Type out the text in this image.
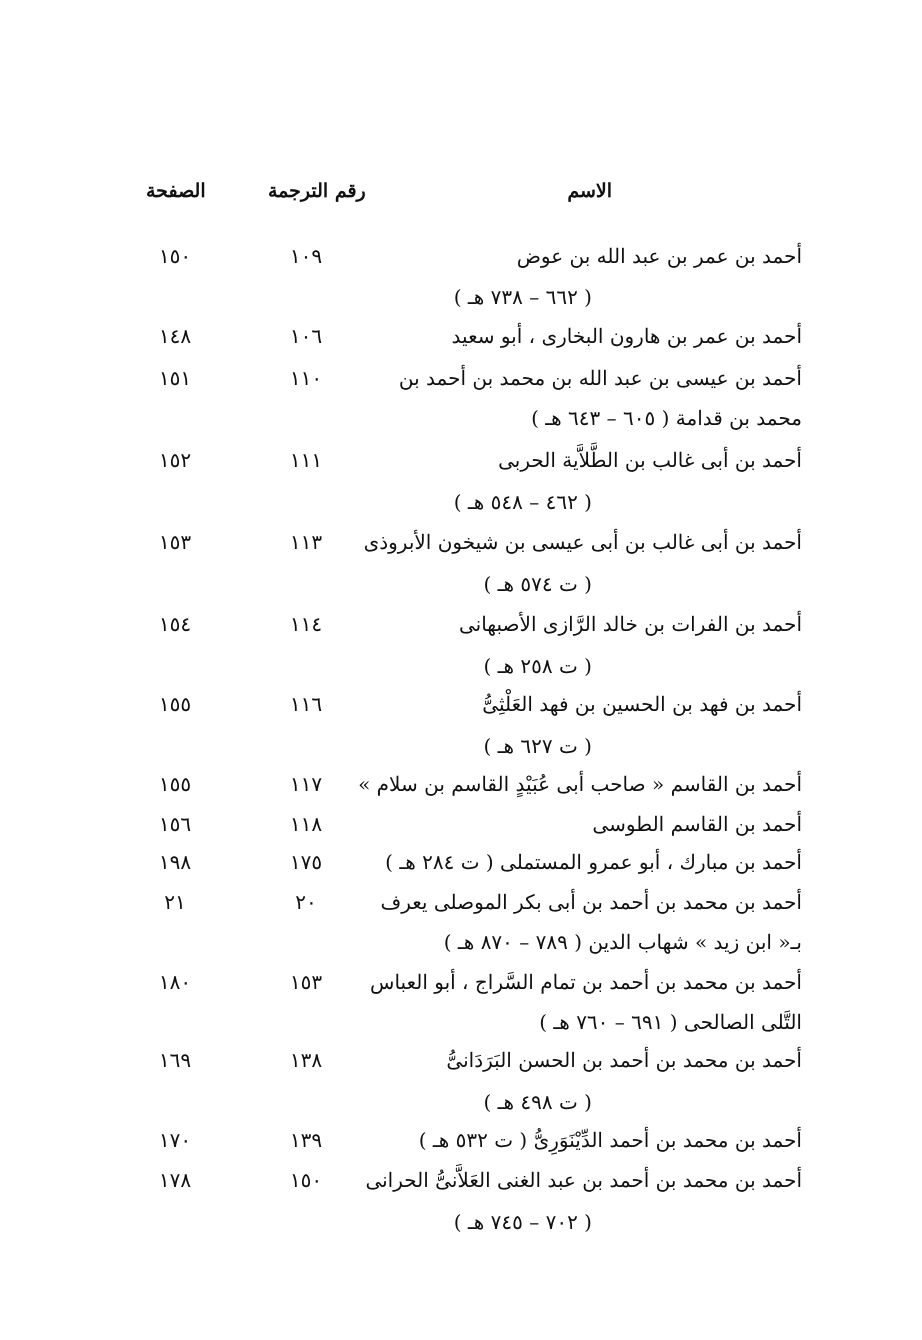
الاسم
رقم الترجمة
الصفحة
أحمد بن عمر بن عبد الله بن عوض
١٠٩
١٥٠
( ٦٦٢ – ٧٣٨ هـ )
أحمد بن عمر بن هارون البخارى ، أبو سعيد
١٠٦
١٤٨
أحمد بن عيسى بن عبد الله بن محمد بن أحمد بن
١١٠
١٥١
محمد بن قدامة ( ٦٠٥ – ٦٤٣ هـ )
أحمد بن أبى غالب بن الطَّلاَّية الحربى
١١١
١٥٢
( ٤٦٢ – ٥٤٨ هـ )
أحمد بن أبى غالب بن أبى عيسى بن شيخون الأبروذى
١١٣
١٥٣
( ت ٥٧٤ هـ )
أحمد بن الفرات بن خالد الرَّازى الأصبهانى
١١٤
١٥٤
( ت ٢٥٨ هـ )
أحمد بن فهد بن الحسين بن فهد العَلْثِىُّ
١١٦
١٥٥
( ت ٦٢٧ هـ )
أحمد بن القاسم « صاحب أبى عُبَيْدٍ القاسم بن سلام »
١١٧
١٥٥
أحمد بن القاسم الطوسى
١١٨
١٥٦
أحمد بن مبارك ، أبو عمرو المستملى ( ت ٢٨٤ هـ )
١٧٥
١٩٨
أحمد بن محمد بن أحمد بن أبى بكر الموصلى يعرف
٢٠
٢١
بـ« ابن زيد » شهاب الدين ( ٧٨٩ – ٨٧٠ هـ )
أحمد بن محمد بن أحمد بن تمام السَّراج ، أبو العباس
١٥٣
١٨٠
التَّلى الصالحى ( ٦٩١ – ٧٦٠ هـ )
أحمد بن محمد بن أحمد بن الحسن البَرَدَانىُّ
١٣٨
١٦٩
( ت ٤٩٨ هـ )
أحمد بن محمد بن أحمد الدِّيْنَوَرِىُّ ( ت ٥٣٢ هـ )
١٣٩
١٧٠
أحمد بن محمد بن أحمد بن عبد الغنى العَلاَّنىُّ الحرانى
١٥٠
١٧٨
( ٧٠٢ – ٧٤٥ هـ )
